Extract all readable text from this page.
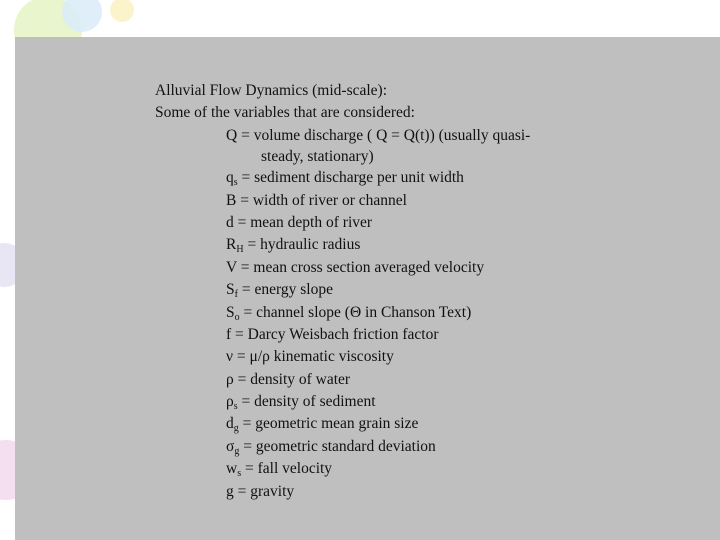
Alluvial Flow Dynamics (mid-scale):
Some of the variables that are considered:
Q = volume discharge ( Q = Q(t)) (usually quasi-
steady, stationary)
$q_s$ = sediment discharge per unit width
B = width of river or channel
d = mean depth of river
$R_H$ = hydraulic radius
V = mean cross section averaged velocity
$S_f$ = energy slope
$S_o$ = channel slope (Θ in Chanson Text)
f = Darcy Weisbach friction factor
ν = μ/ρ kinematic viscosity
ρ = density of water
$\rho_s$ = density of sediment
$d_g$ = geometric mean grain size
$\sigma_g$ = geometric standard deviation
$w_s$ = fall velocity
g = gravity
